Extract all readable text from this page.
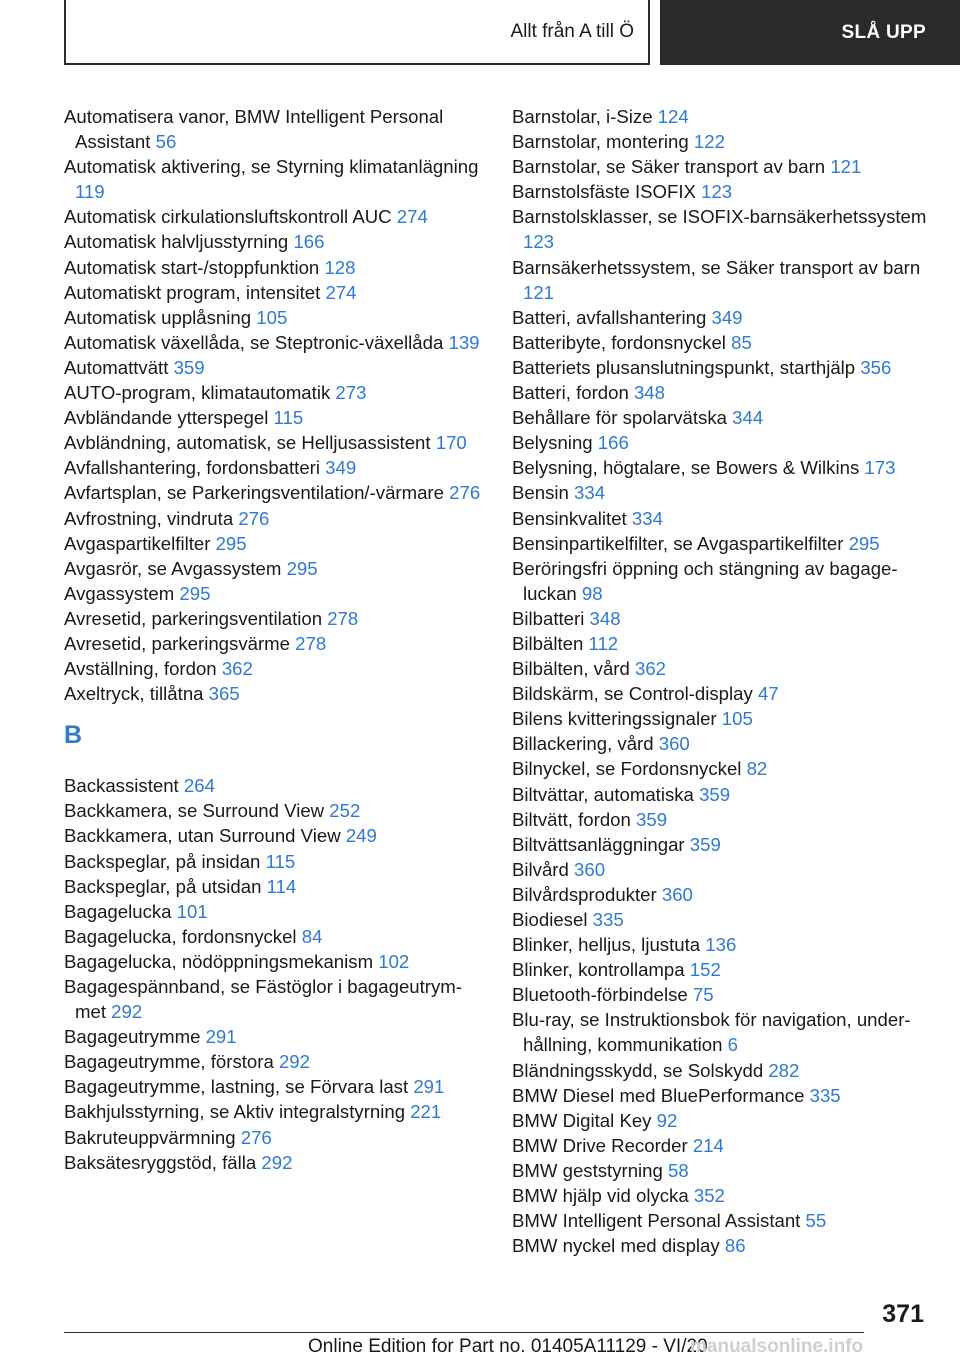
Allt från A till Ö	SLÅ UPP
Automatisera vanor, BMW Intelligent Personal Assistant 56
Automatisk aktivering, se Styrning klimatanlägning 119
Automatisk cirkulationsluftskontroll AUC 274
Automatisk halvljusstyrning 166
Automatisk start-/stoppfunktion 128
Automatiskt program, intensitet 274
Automatisk upplåsning 105
Automatisk växellåda, se Steptronic-växellåda 139
Automattvätt 359
AUTO-program, klimatautomatik 273
Avbländande ytterspegel 115
Avbländning, automatisk, se Helljusassistent 170
Avfallshantering, fordonsbatteri 349
Avfartsplan, se Parkeringsventilation/-värmare 276
Avfrostning, vindruta 276
Avgaspartikelfilter 295
Avgasrör, se Avgassystem 295
Avgassystem 295
Avresetid, parkeringsventilation 278
Avresetid, parkeringsvärme 278
Avställning, fordon 362
Axeltryck, tillåtna 365
B
Backassistent 264
Backkamera, se Surround View 252
Backkamera, utan Surround View 249
Backspeglar, på insidan 115
Backspeglar, på utsidan 114
Bagagelucka 101
Bagagelucka, fordonsnyckel 84
Bagagelucka, nödöppningsmekanism 102
Bagagespännband, se Fästöglor i bagageutrymmet 292
Bagageutrymme 291
Bagageutrymme, förstora 292
Bagageutrymme, lastning, se Förvara last 291
Bakhjulsstyrning, se Aktiv integralstyrning 221
Bakruteuppvärmning 276
Baksätesryggstöd, fälla 292
Barnstolar, i-Size 124
Barnstolar, montering 122
Barnstolar, se Säker transport av barn 121
Barnstolsfäste ISOFIX 123
Barnstolsklasser, se ISOFIX-barnsäkerhetssystem 123
Barnsäkerhetssystem, se Säker transport av barn 121
Batteri, avfallshantering 349
Batteribyte, fordonsnyckel 85
Batteriets plusanslutningspunkt, starthjälp 356
Batteri, fordon 348
Behållare för spolarvätska 344
Belysning 166
Belysning, högtalare, se Bowers & Wilkins 173
Bensin 334
Bensinkvalitet 334
Bensinpartikelfilter, se Avgaspartikelfilter 295
Beröringsfri öppning och stängning av bagageluckan 98
Bilbatteri 348
Bilbälten 112
Bilbälten, vård 362
Bildskärm, se Control-display 47
Bilens kvitteringssignaler 105
Billackering, vård 360
Bilnyckel, se Fordonsnyckel 82
Biltvättar, automatiska 359
Biltvätt, fordon 359
Biltvättsanläggningar 359
Bilvård 360
Bilvårdsprodukter 360
Biodiesel 335
Blinker, helljus, ljustuta 136
Blinker, kontrollampa 152
Bluetooth-förbindelse 75
Blu-ray, se Instruktionsbok för navigation, underhållning, kommunikation 6
Bländningsskydd, se Solskydd 282
BMW Diesel med BluePerformance 335
BMW Digital Key 92
BMW Drive Recorder 214
BMW geststyrning 58
BMW hjälp vid olycka 352
BMW Intelligent Personal Assistant 55
BMW nyckel med display 86
371
Online Edition for Part no. 01405A11129 - VI/20
manualsonline.info
